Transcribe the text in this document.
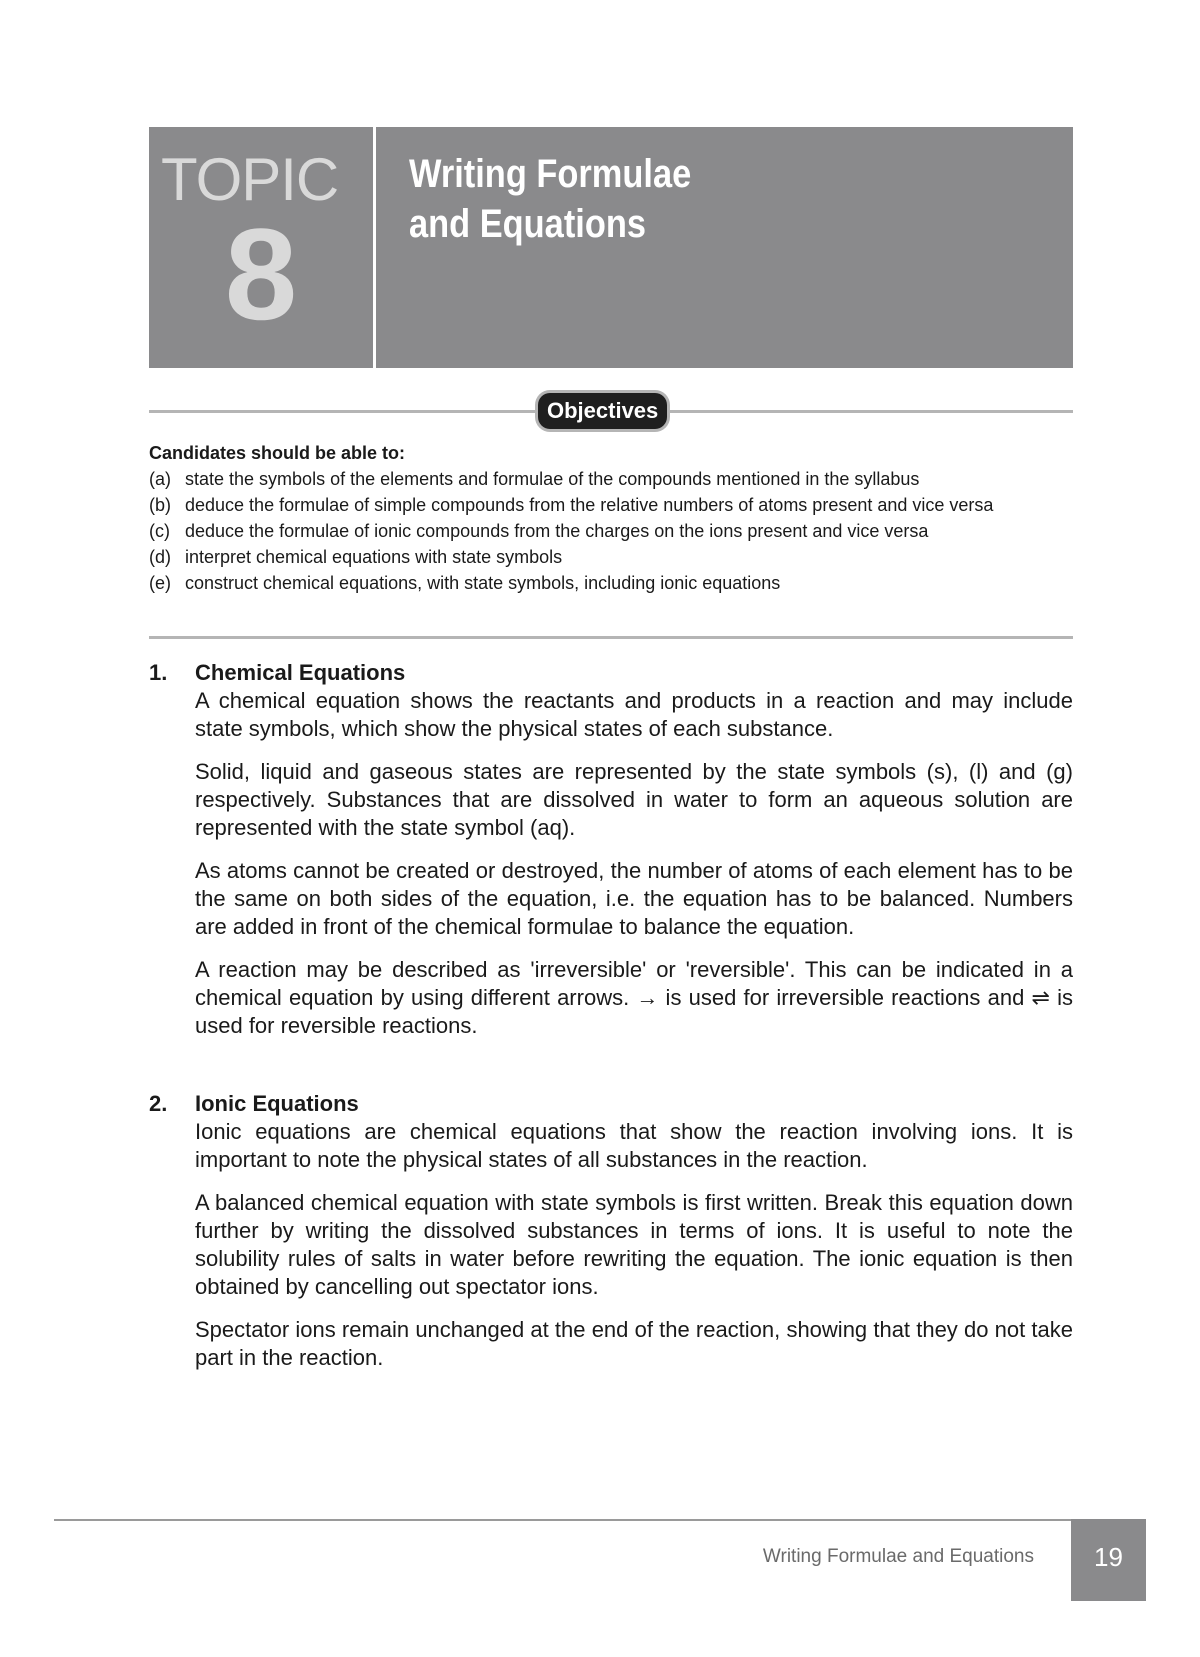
TOPIC
8
Writing Formulae
and Equations
Objectives

Candidates should be able to:

(a) state the symbols of the elements and formulae of the compounds mentioned in the syllabus
(b) deduce the formulae of simple compounds from the relative numbers of atoms present and vice versa
(c) deduce the formulae of ionic compounds from the charges on the ions present and vice versa
(d) interpret chemical equations with state symbols
(e) construct chemical equations, with state symbols, including ionic equations
1.	Chemical Equations

A chemical equation shows the reactants and products in a reaction and may include state symbols, which show the physical states of each substance.

Solid, liquid and gaseous states are represented by the state symbols (s), (l) and (g) respectively. Substances that are dissolved in water to form an aqueous solution are represented with the state symbol (aq).

As atoms cannot be created or destroyed, the number of atoms of each element has to be the same on both sides of the equation, i.e. the equation has to be balanced. Numbers are added in front of the chemical formulae to balance the equation.

A reaction may be described as 'irreversible' or 'reversible'. This can be indicated in a chemical equation by using different arrows. → is used for irreversible reactions and ⇌ is used for reversible reactions.

2.	Ionic Equations

Ionic equations are chemical equations that show the reaction involving ions. It is important to note the physical states of all substances in the reaction.

A balanced chemical equation with state symbols is first written. Break this equation down further by writing the dissolved substances in terms of ions. It is useful to note the solubility rules of salts in water before rewriting the equation. The ionic equation is then obtained by cancelling out spectator ions.

Spectator ions remain unchanged at the end of the reaction, showing that they do not take part in the reaction.

Writing Formulae and Equations	19
